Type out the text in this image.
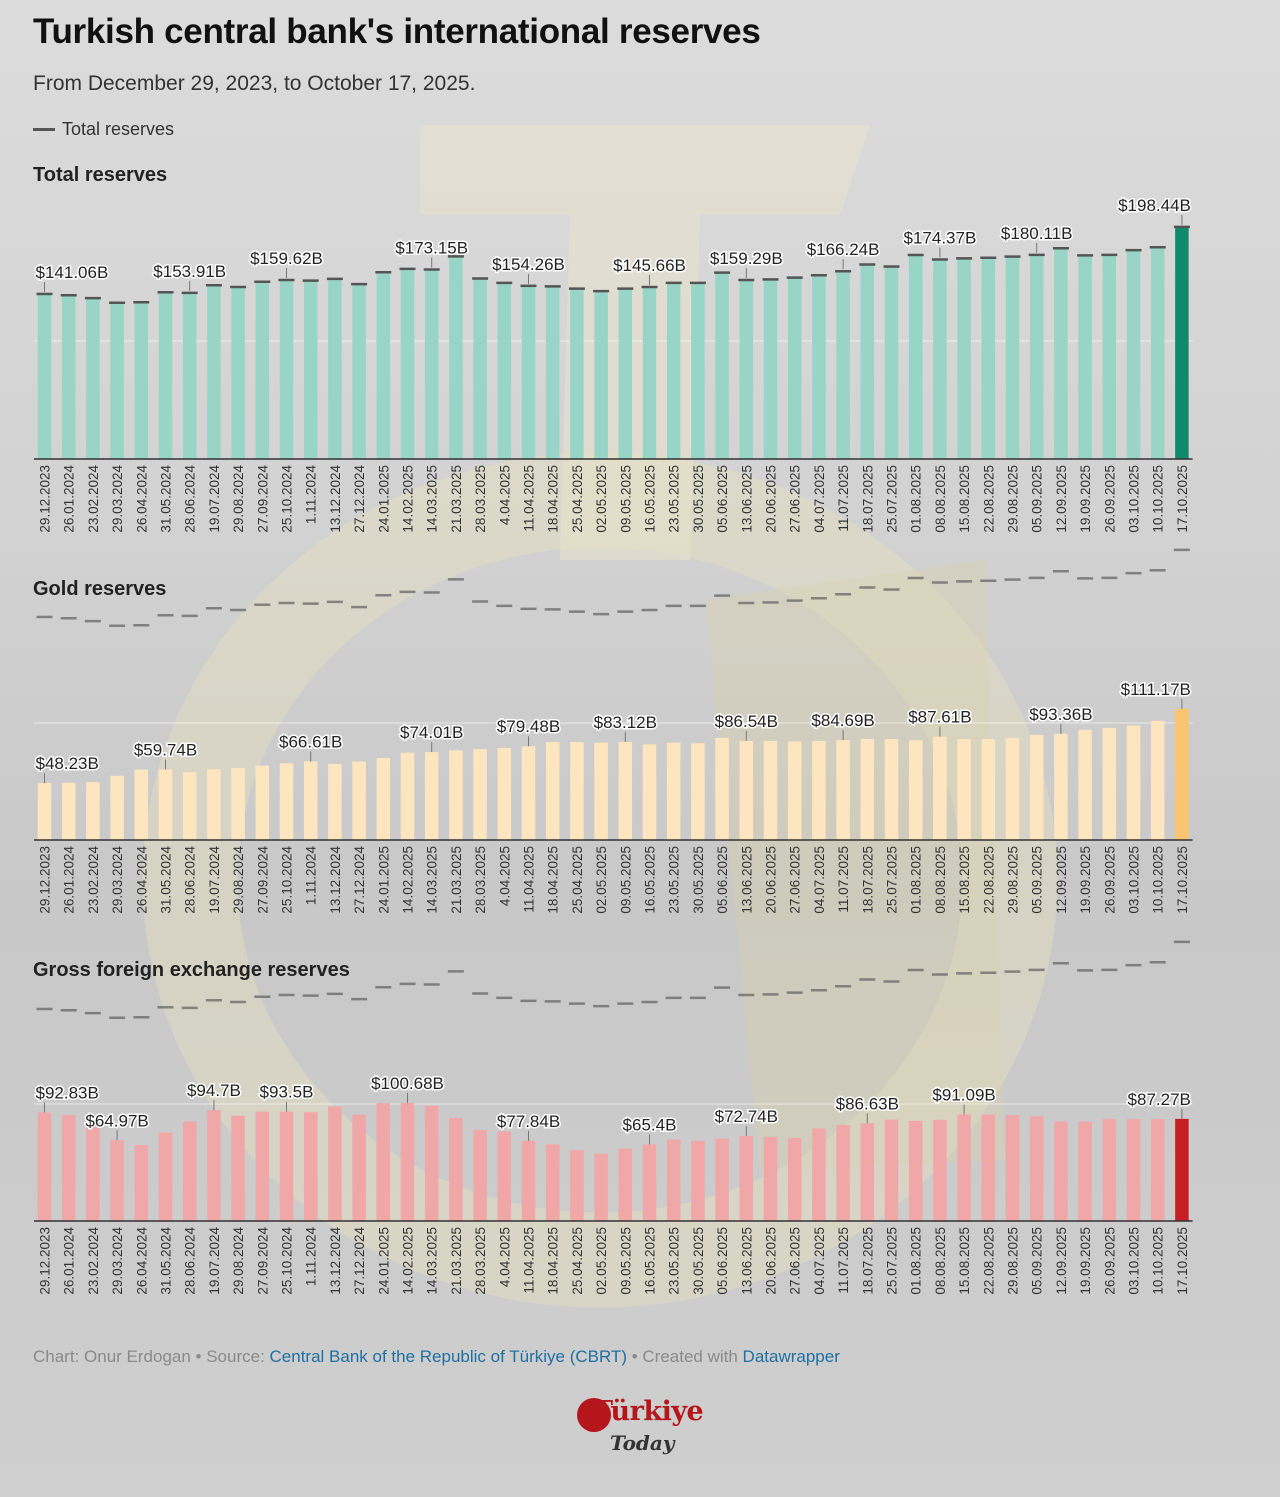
Turkish central bank's international reserves
From December 29, 2023, to October 17, 2025.
Total reserves
Total reserves
Gold reserves
Gross foreign exchange reserves
$141.06B	$153.91B
$159.62B
$173.15B
$154.26B	$145.66B $159.29B $166.24B
$174.37B $180.11B
$198.44B
29.12.2023 26.01.2024 23.02.2024 29.03.2024 26.04.2024 31.05.2024 28.06.2024 19.07.2024 29.08.2024 27.09.2024 25.10.2024 1.11.2024 13.12.2024 27.12.2024 24.01.2025 14.02.2025 14.03.2025 21.03.2025 28.03.2025 4.04.2025 11.04.2025 18.04.2025 25.04.2025 02.05.2025 09.05.2025 16.05.2025 23.05.2025 30.05.2025 05.06.2025 13.06.2025 20.06.2025 27.06.2025 04.07.2025 11.07.2025 18.07.2025 25.07.2025 01.08.2025 08.08.2025 15.08.2025 22.08.2025 29.08.2025 05.09.2025 12.09.2025 19.09.2025 26.09.2025 03.10.2025 10.10.2025 17.10.2025
$48.23B
$59.74B	$66.61B	$74.01B $79.48B $83.12B	$86.54B $84.69B $87.61B	$93.36B
$111.17B
29.12.2023 26.01.2024 23.02.2024 29.03.2024 26.04.2024 31.05.2024 28.06.2024 19.07.2024 29.08.2024 27.09.2024 25.10.2024 1.11.2024 13.12.2024 27.12.2024 24.01.2025 14.02.2025 14.03.2025 21.03.2025 28.03.2025 4.04.2025 11.04.2025 18.04.2025 25.04.2025 02.05.2025 09.05.2025 16.05.2025 23.05.2025 30.05.2025 05.06.2025 13.06.2025 20.06.2025 27.06.2025 04.07.2025 11.07.2025 18.07.2025 25.07.2025 01.08.2025 08.08.2025 15.08.2025 22.08.2025 29.08.2025 05.09.2025 12.09.2025 19.09.2025 26.09.2025 03.10.2025 10.10.2025 17.10.2025
$92.83B
$64.97B
$94.7B $93.5B	$100.68B
$77.84B	$65.4B $72.74B
$86.63B $91.09B	$87.27B
29.12.2023 26.01.2024 23.02.2024 29.03.2024 26.04.2024 31.05.2024 28.06.2024 19.07.2024 29.08.2024 27.09.2024 25.10.2024 1.11.2024 13.12.2024 27.12.2024 24.01.2025 14.02.2025 14.03.2025 21.03.2025 28.03.2025 4.04.2025 11.04.2025 18.04.2025 25.04.2025 02.05.2025 09.05.2025 16.05.2025 23.05.2025 30.05.2025 05.06.2025 13.06.2025 20.06.2025 27.06.2025 04.07.2025 11.07.2025 18.07.2025 25.07.2025 01.08.2025 08.08.2025 15.08.2025 22.08.2025 29.08.2025 05.09.2025 12.09.2025 19.09.2025 26.09.2025 03.10.2025 10.10.2025 17.10.2025
Chart: Onur Erdogan • Source: Central Bank of the Republic of Türkiye (CBRT) • Created with Datawrapper
Türkiye
Today
